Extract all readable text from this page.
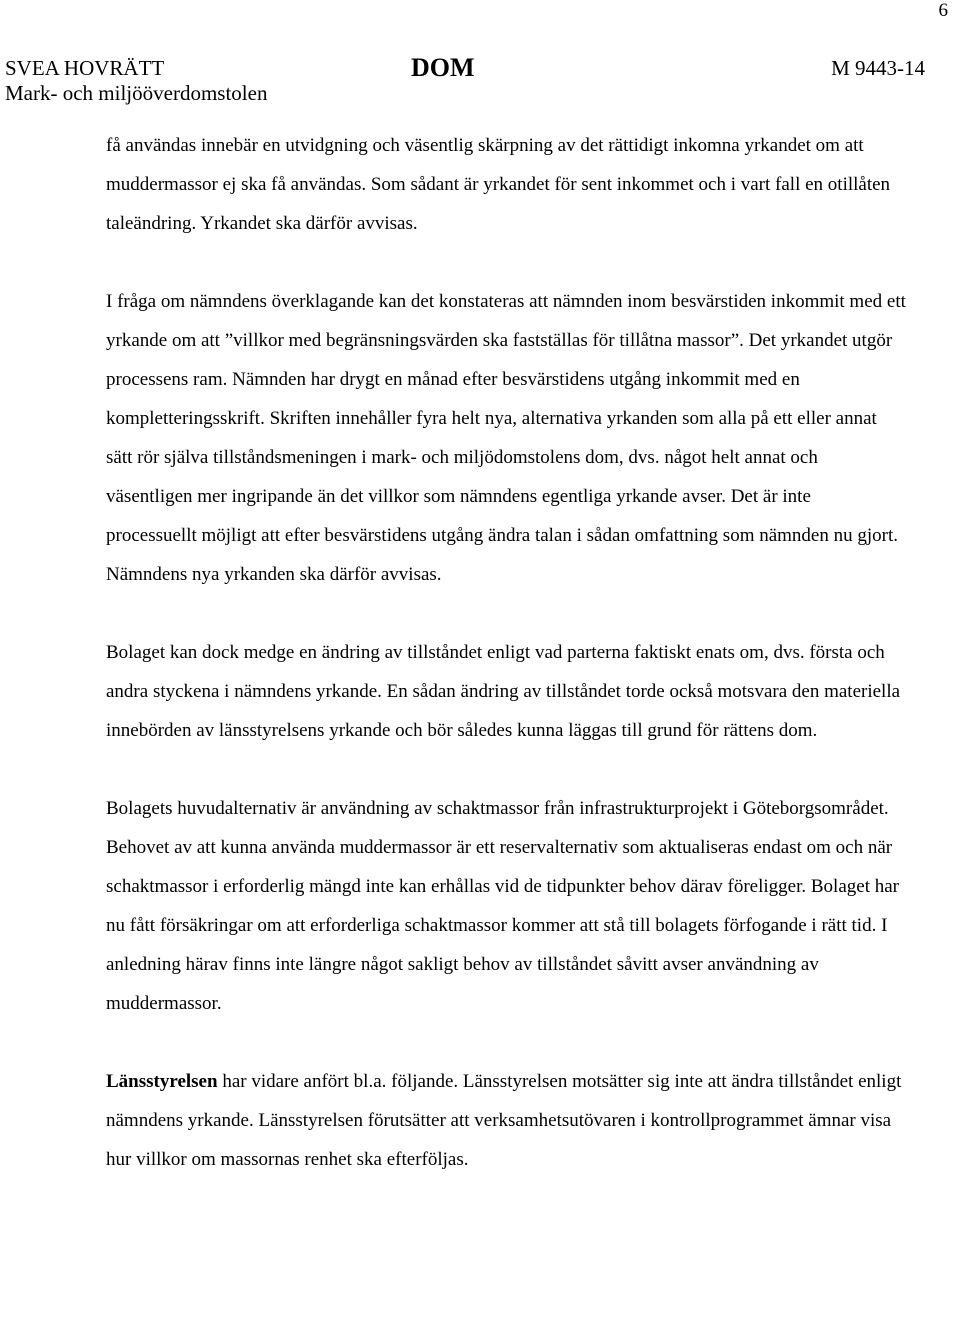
6
SVEA HOVRÄTT
Mark- och miljööverdomstolen
DOM	M 9443-14

få användas innebär en utvidgning och väsentlig skärpning av det rättidigt inkomna yrkandet om att muddermassor ej ska få användas. Som sådant är yrkandet för sent inkommet och i vart fall en otillåten taleändring. Yrkandet ska därför avvisas.

I fråga om nämndens överklagande kan det konstateras att nämnden inom besvärstiden inkommit med ett yrkande om att ”villkor med begränsningsvärden ska fastställas för tillåtna massor”. Det yrkandet utgör processens ram. Nämnden har drygt en månad efter besvärstidens utgång inkommit med en kompletteringsskrift. Skriften innehåller fyra helt nya, alternativa yrkanden som alla på ett eller annat sätt rör själva tillståndsmeningen i mark- och miljödomstolens dom, dvs. något helt annat och väsentligen mer ingripande än det villkor som nämndens egentliga yrkande avser. Det är inte processuellt möjligt att efter besvärstidens utgång ändra talan i sådan omfattning som nämnden nu gjort. Nämndens nya yrkanden ska därför avvisas.

Bolaget kan dock medge en ändring av tillståndet enligt vad parterna faktiskt enats om, dvs. första och andra styckena i nämndens yrkande. En sådan ändring av tillståndet torde också motsvara den materiella innebörden av länsstyrelsens yrkande och bör således kunna läggas till grund för rättens dom.

Bolagets huvudalternativ är användning av schaktmassor från infrastrukturprojekt i Göteborgsområdet. Behovet av att kunna använda muddermassor är ett reservalternativ som aktualiseras endast om och när schaktmassor i erforderlig mängd inte kan erhållas vid de tidpunkter behov därav föreligger. Bolaget har nu fått försäkringar om att erforderliga schaktmassor kommer att stå till bolagets förfogande i rätt tid. I anledning härav finns inte längre något sakligt behov av tillståndet såvitt avser användning av muddermassor.

Länsstyrelsen har vidare anfört bl.a. följande. Länsstyrelsen motsätter sig inte att ändra tillståndet enligt nämndens yrkande. Länsstyrelsen förutsätter att verksamhetsutövaren i kontrollprogrammet ämnar visa hur villkor om massornas renhet ska efterföljas.
